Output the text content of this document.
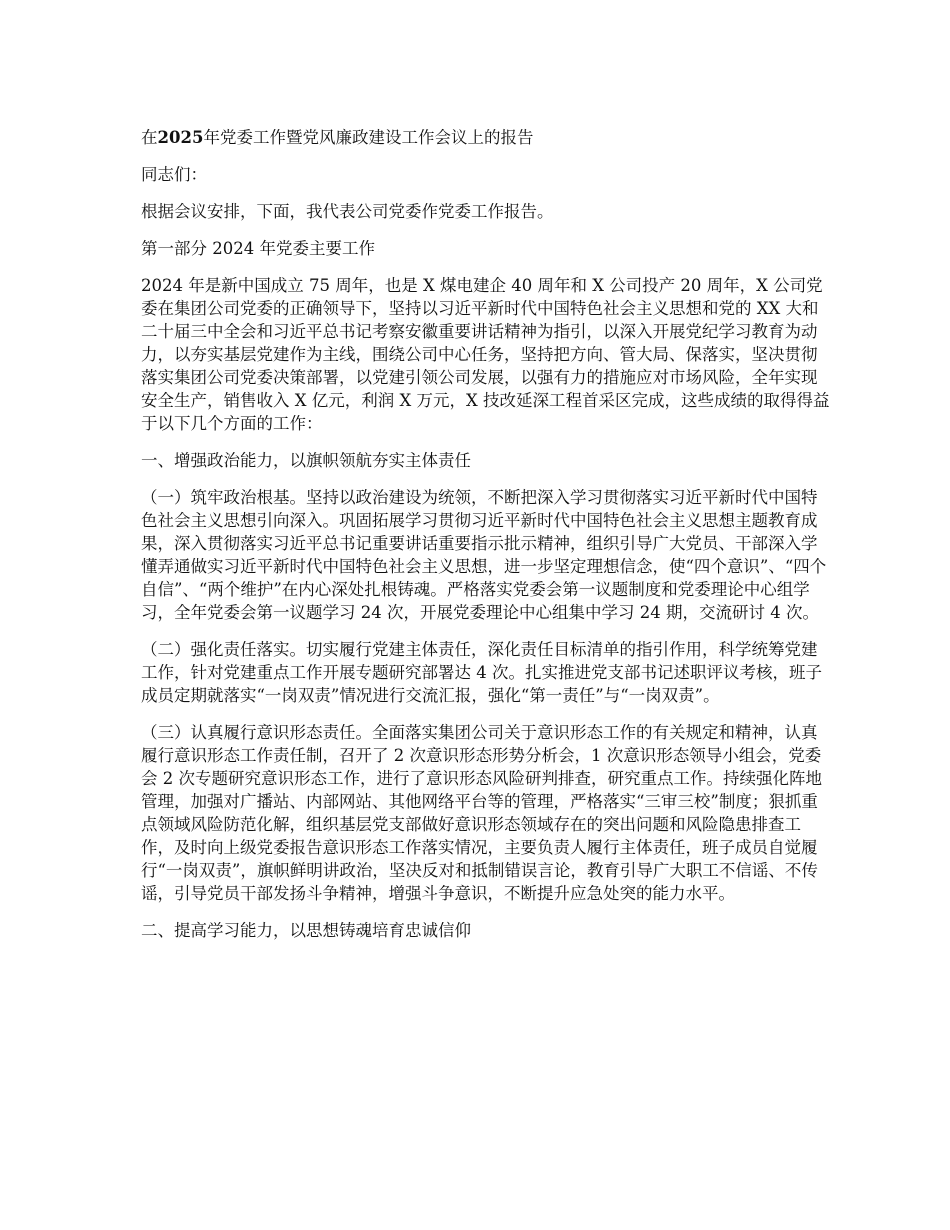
在2025年党委工作暨党风廉政建设工作会议上的报告

同志们：

根据会议安排，下面，我代表公司党委作党委工作报告。

第一部分 2024 年党委主要工作

2024 年是新中国成立 75 周年，也是 X 煤电建企 40 周年和 X 公司投产 20 周年，X 公司党委在集团公司党委的正确领导下，坚持以习近平新时代中国特色社会主义思想和党的 XX 大和二十届三中全会和习近平总书记考察安徽重要讲话精神为指引，以深入开展党纪学习教育为动力，以夯实基层党建作为主线，围绕公司中心任务，坚持把方向、管大局、保落实，坚决贯彻落实集团公司党委决策部署，以党建引领公司发展，以强有力的措施应对市场风险，全年实现安全生产，销售收入 X 亿元，利润 X 万元，X 技改延深工程首采区完成，这些成绩的取得得益于以下几个方面的工作：

一、增强政治能力，以旗帜领航夯实主体责任

（一）筑牢政治根基。坚持以政治建设为统领，不断把深入学习贯彻落实习近平新时代中国特色社会主义思想引向深入。巩固拓展学习贯彻习近平新时代中国特色社会主义思想主题教育成果，深入贯彻落实习近平总书记重要讲话重要指示批示精神，组织引导广大党员、干部深入学懂弄通做实习近平新时代中国特色社会主义思想，进一步坚定理想信念，使“四个意识”、“四个自信”、“两个维护”在内心深处扎根铸魂。严格落实党委会第一议题制度和党委理论中心组学习，全年党委会第一议题学习 24 次，开展党委理论中心组集中学习 24 期，交流研讨 4 次。

（二）强化责任落实。切实履行党建主体责任，深化责任目标清单的指引作用，科学统筹党建工作，针对党建重点工作开展专题研究部署达 4 次。扎实推进党支部书记述职评议考核，班子成员定期就落实“一岗双责”情况进行交流汇报，强化“第一责任”与“一岗双责”。

（三）认真履行意识形态责任。全面落实集团公司关于意识形态工作的有关规定和精神，认真履行意识形态工作责任制，召开了 2 次意识形态形势分析会，1 次意识形态领导小组会，党委会 2 次专题研究意识形态工作，进行了意识形态风险研判排查，研究重点工作。持续强化阵地管理，加强对广播站、内部网站、其他网络平台等的管理，严格落实“三审三校”制度；狠抓重点领域风险防范化解，组织基层党支部做好意识形态领域存在的突出问题和风险隐患排查工作，及时向上级党委报告意识形态工作落实情况，主要负责人履行主体责任，班子成员自觉履行“一岗双责”，旗帜鲜明讲政治，坚决反对和抵制错误言论，教育引导广大职工不信谣、不传谣，引导党员干部发扬斗争精神，增强斗争意识，不断提升应急处突的能力水平。

二、提高学习能力，以思想铸魂培育忠诚信仰
